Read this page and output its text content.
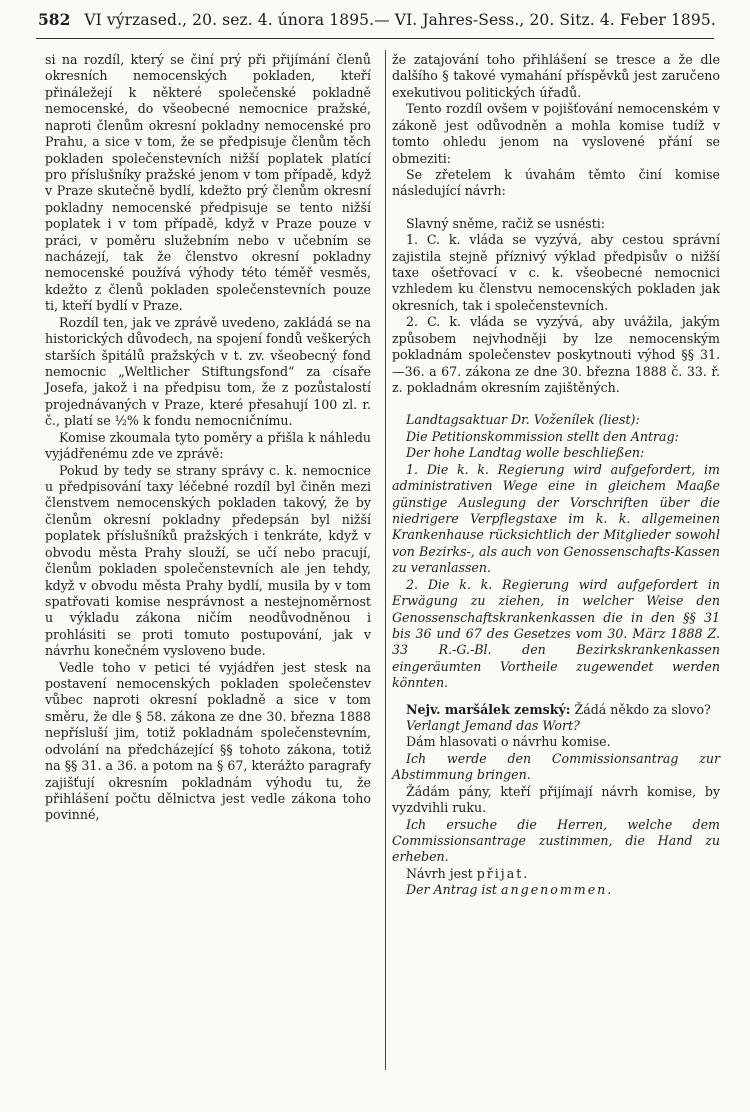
582 VI výrzased., 20. sez. 4. února 1895.— VI. Jahres-Sess., 20. Sitz. 4. Feber 1895.

si na rozdíl, který se činí prý při přijímání členů okresních nemocenských pokladen, kteří přináležejí k některé společenské pokladně nemocenské, do všeobecné nemocnice pražské, naproti členům okresní pokladny nemocenské pro Prahu, a sice v tom, že se předpisuje členům těch pokladen společenstevních nižší poplatek platící pro příslušníky pražské jenom v tom případě, když v Praze skutečně bydlí, kdežto prý členům okresní pokladny nemocenské předpisuje se tento nižší poplatek i v tom případě, když v Praze pouze v práci, v poměru služebním nebo v učebním se nacházejí, tak že členstvo okresní pokladny nemocenské používá výhody této téměř vesměs, kdežto z členů pokladen společenstevních pouze ti, kteří bydlí v Praze.

Rozdíl ten, jak ve zprávě uvedeno, zakládá se na historických důvodech, na spojení fondů veškerých starších špitálů pražských v t. zv. všeobecný fond nemocnic „Weltlicher Stiftungsfond“ za císaře Josefa, jakož i na předpisu tom, že z pozůstalostí projednávaných v Praze, které přesahují 100 zl. r. č., platí se ½% k fondu nemocničnímu.

Komise zkoumala tyto poměry a přišla k náhledu vyjádřenému zde ve zprávě:

Pokud by tedy se strany správy c. k. nemocnice u předpisování taxy léčebné rozdíl byl činěn mezi členstvem nemocenských pokladen takový, že by členům okresní pokladny předepsán byl nižší poplatek příslušníků pražských i tenkráte, když v obvodu města Prahy slouží, se učí nebo pracují, členům pokladen společenstevních ale jen tehdy, když v obvodu města Prahy bydlí, musila by v tom spatřovati komise nesprávnost a nestejnoměrnost u výkladu zákona ničím neodůvodněnou i prohlásiti se proti tomuto postupování, jak v návrhu konečném vysloveno bude.

Vedle toho v petici té vyjádřen jest stesk na postavení nemocenských pokladen společenstev vůbec naproti okresní pokladně a sice v tom směru, že dle § 58. zákona ze dne 30. března 1888 nepřísluší jim, totiž pokladnám společenstevním, odvolání na předcházející §§ tohoto zákona, totiž na §§ 31. a 36. a potom na § 67, kterážto paragrafy zajišťují okresním pokladnám výhodu tu, že přihlášení počtu dělnictva jest vedle zákona toho povinné,

že zatajování toho přihlášení se tresce a že dle dalšího § takové vymahání příspěvků jest zaručeno exekutivou politických úřadů.

Tento rozdíl ovšem v pojišťování nemocenském v zákoně jest odůvodněn a mohla komise tudíž v tomto ohledu jenom na vyslovené přání se obmeziti:

Se zřetelem k úvahám těmto činí komise následující návrh:

Slavný sněme, račiž se usnésti:

1. C. k. vláda se vyzývá, aby cestou správní zajistila stejně příznivý výklad předpisův o nižší taxe ošetřovací v c. k. všeobecné nemocnici vzhledem ku členstvu nemocenských pokladen jak okresních, tak i společenstevních.

2. C. k. vláda se vyzývá, aby uvážila, jakým způsobem nejvhodněji by lze nemocenským pokladnám společenstev poskytnouti výhod §§ 31.—36. a 67. zákona ze dne 30. března 1888 č. 33. ř. z. pokladnám okresním zajištěných.

Landtagsaktuar Dr. Voženílek (liest):

Die Petitionskommission stellt den Antrag:

Der hohe Landtag wolle beschließen:

1. Die k. k. Regierung wird aufgefordert, im administrativen Wege eine in gleichem Maaße günstige Auslegung der Vorschriften über die niedrigere Verpflegstaxe im k. k. allgemeinen Krankenhause rücksichtlich der Mitglieder sowohl von Bezirks-, als auch von Genossenschafts-Kassen zu veranlassen.

2. Die k. k. Regierung wird aufgefordert in Erwägung zu ziehen, in welcher Weise den Genossenschaftskrankenkassen die in den §§ 31 bis 36 und 67 des Gesetzes vom 30. März 1888 Z. 33 R.-G.-Bl. den Bezirkskrankenkassen eingeräumten Vortheile zugewendet werden könnten.

Nejv. maršálek zemský: Žádá někdo za slovo?

Verlangt Jemand das Wort?

Dám hlasovati o návrhu komise.

Ich werde den Commissionsantrag zur Abstimmung bringen.

Žádám pány, kteří přijímají návrh komise, by vyzdvihli ruku.

Ich ersuche die Herren, welche dem Commissionsantrage zustimmen, die Hand zu erheben.

Návrh jest přijat.

Der Antrag ist angenommen.
